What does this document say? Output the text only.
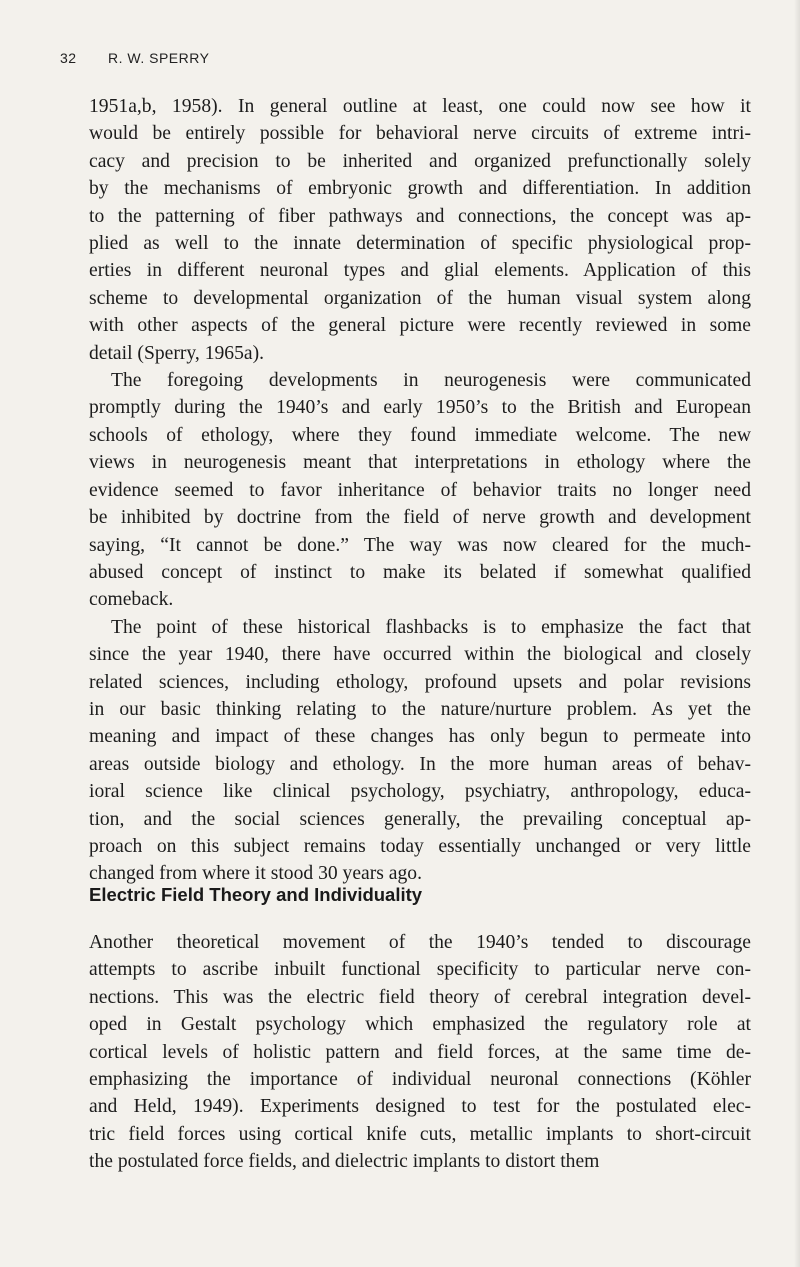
32 R. W. SPERRY

1951a,b, 1958). In general outline at least, one could now see how it
would be entirely possible for behavioral nerve circuits of extreme intri-
cacy and precision to be inherited and organized prefunctionally solely
by the mechanisms of embryonic growth and differentiation. In addition
to the patterning of fiber pathways and connections, the concept was ap-
plied as well to the innate determination of specific physiological prop-
erties in different neuronal types and glial elements. Application of this
scheme to developmental organization of the human visual system along
with other aspects of the general picture were recently reviewed in some
detail (Sperry, 1965a).

The foregoing developments in neurogenesis were communicated
promptly during the 1940’s and early 1950’s to the British and European
schools of ethology, where they found immediate welcome. The new
views in neurogenesis meant that interpretations in ethology where the
evidence seemed to favor inheritance of behavior traits no longer need
be inhibited by doctrine from the field of nerve growth and development
saying, “It cannot be done.” The way was now cleared for the much-
abused concept of instinct to make its belated if somewhat qualified
comeback.

The point of these historical flashbacks is to emphasize the fact that
since the year 1940, there have occurred within the biological and closely
related sciences, including ethology, profound upsets and polar revisions
in our basic thinking relating to the nature/nurture problem. As yet the
meaning and impact of these changes has only begun to permeate into
areas outside biology and ethology. In the more human areas of behav-
ioral science like clinical psychology, psychiatry, anthropology, educa-
tion, and the social sciences generally, the prevailing conceptual ap-
proach on this subject remains today essentially unchanged or very little
changed from where it stood 30 years ago.

Electric Field Theory and Individuality

Another theoretical movement of the 1940’s tended to discourage
attempts to ascribe inbuilt functional specificity to particular nerve con-
nections. This was the electric field theory of cerebral integration devel-
oped in Gestalt psychology which emphasized the regulatory role at
cortical levels of holistic pattern and field forces, at the same time de-
emphasizing the importance of individual neuronal connections (Köhler
and Held, 1949). Experiments designed to test for the postulated elec-
tric field forces using cortical knife cuts, metallic implants to short-circuit
the postulated force fields, and dielectric implants to distort them
